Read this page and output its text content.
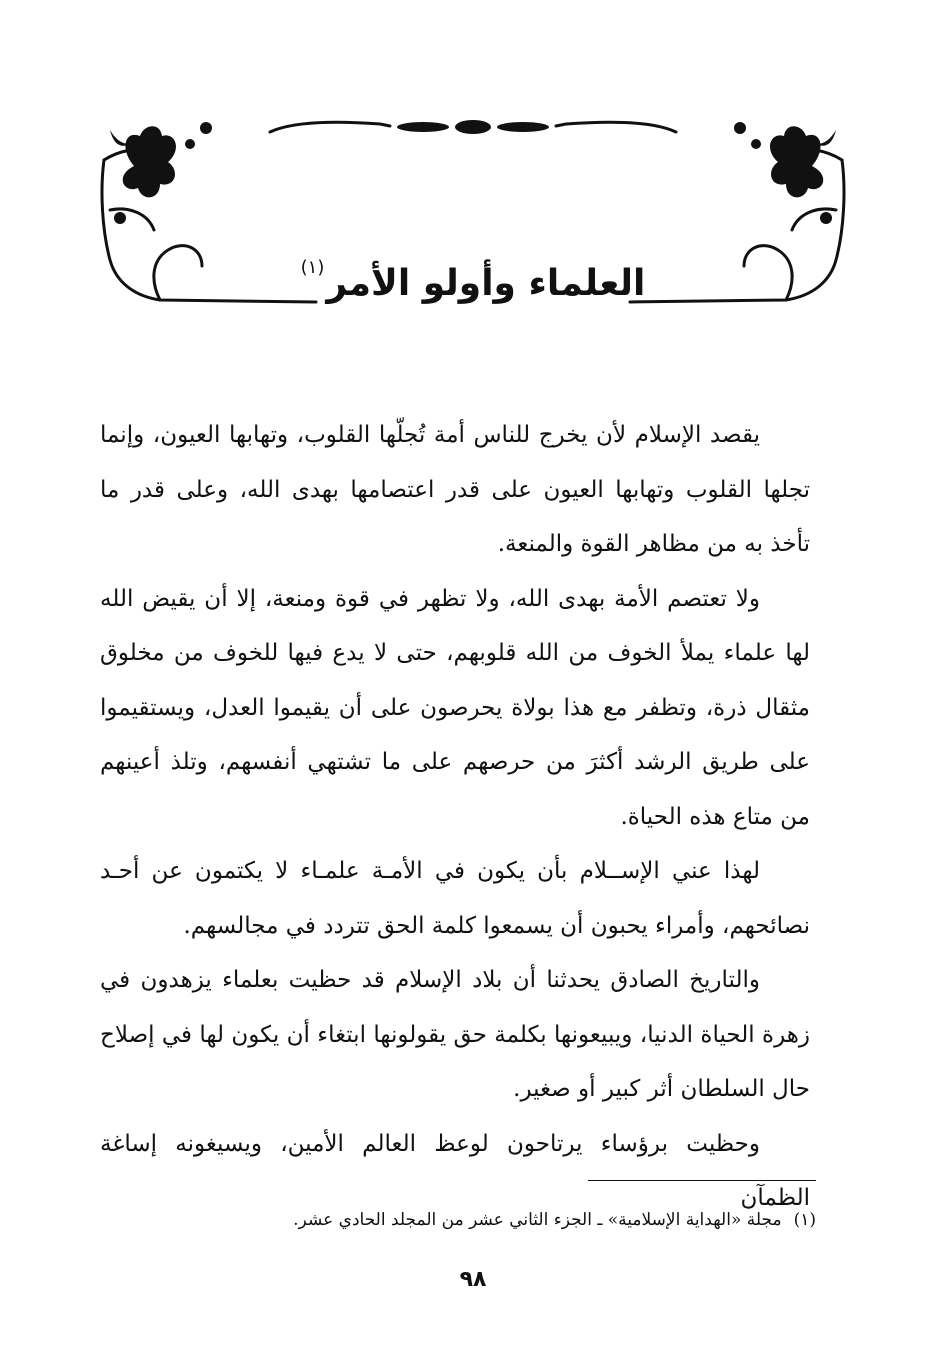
العلماء وأولو الأمر$^{(١)}$

يقصد الإسلام لأن يخرج للناس أمة تُجلّها القلوب، وتهابها العيون، وإنما تجلها القلوب وتهابها العيون على قدر اعتصامها بهدى الله، وعلى قدر ما تأخذ به من مظاهر القوة والمنعة.

ولا تعتصم الأمة بهدى الله، ولا تظهر في قوة ومنعة، إلا أن يقيض الله لها علماء يملأ الخوف من الله قلوبهم، حتى لا يدع فيها للخوف من مخلوق مثقال ذرة، وتظفر مع هذا بولاة يحرصون على أن يقيموا العدل، ويستقيموا على طريق الرشد أكثرَ من حرصهم على ما تشتهي أنفسهم، وتلذ أعينهم من متاع هذه الحياة.

لهذا عني الإســلام بأن يكون في الأمـة علمـاء لا يكتمون عن أحـد نصائحهم، وأمراء يحبون أن يسمعوا كلمة الحق تتردد في مجالسهم.

والتاريخ الصادق يحدثنا أن بلاد الإسلام قد حظيت بعلماء يزهدون في زهرة الحياة الدنيا، ويبيعونها بكلمة حق يقولونها ابتغاء أن يكون لها في إصلاح حال السلطان أثر كبير أو صغير.

وحظيت برؤساء يرتاحون لوعظ العالم الأمين، ويسيغونه إساغة الظمآن

(١)مجلة «الهداية الإسلامية» ـ الجزء الثاني عشر من المجلد الحادي عشر.
٩٨
